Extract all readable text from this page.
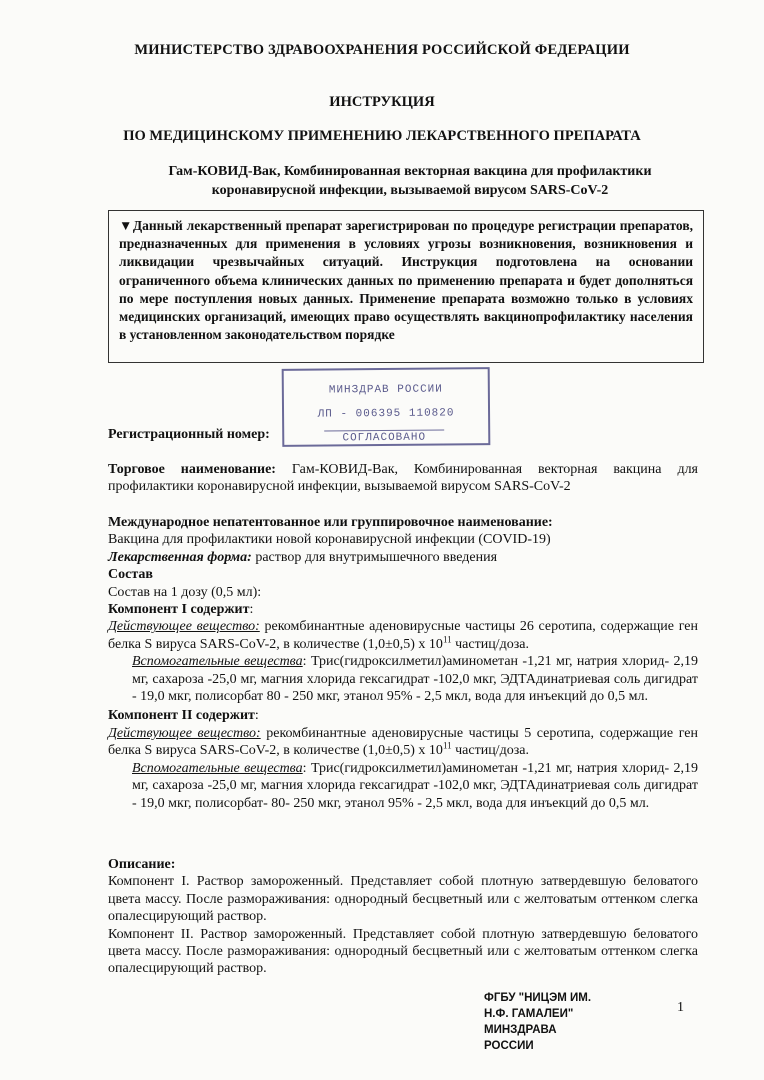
МИНИСТЕРСТВО ЗДРАВООХРАНЕНИЯ РОССИЙСКОЙ ФЕДЕРАЦИИ
ИНСТРУКЦИЯ
ПО МЕДИЦИНСКОМУ ПРИМЕНЕНИЮ ЛЕКАРСТВЕННОГО ПРЕПАРАТА
Гам-КОВИД-Вак, Комбинированная векторная вакцина для профилактики
коронавирусной инфекции, вызываемой вирусом SARS-CoV-2
▼Данный лекарственный препарат зарегистрирован по процедуре регистрации препаратов, предназначенных для применения в условиях угрозы возникновения, возникновения и ликвидации чрезвычайных ситуаций. Инструкция подготовлена на основании ограниченного объема клинических данных по применению препарата и будет дополняться по мере поступления новых данных. Применение препарата возможно только в условиях медицинских организаций, имеющих право осуществлять вакцинопрофилактику населения в установленном законодательством порядке
МИНЗДРАВ РОССИИ
ЛП - 006395 110820
СОГЛАСОВАНО
Регистрационный номер:
Торговое наименование: Гам-КОВИД-Вак, Комбинированная векторная вакцина для профилактики коронавирусной инфекции, вызываемой вирусом SARS-CoV-2
Международное непатентованное или группировочное наименование:
Вакцина для профилактики новой коронавирусной инфекции (COVID-19)
Лекарственная форма: раствор для внутримышечного введения
Состав
Состав на 1 дозу (0,5 мл):
Компонент I содержит:
Действующее вещество: рекомбинантные аденовирусные частицы 26 серотипа, содержащие ген белка S вируса SARS-CoV-2, в количестве (1,0±0,5) х $10^{11}$ частиц/доза.
Вспомогательные вещества: Трис(гидроксилметил)аминометан -1,21 мг, натрия хлорид- 2,19 мг, сахароза -25,0 мг, магния хлорида гексагидрат -102,0 мкг, ЭДТАдинатриевая соль дигидрат - 19,0 мкг, полисорбат 80 - 250 мкг, этанол 95% - 2,5 мкл, вода для инъекций до 0,5 мл.
Компонент II содержит:
Действующее вещество: рекомбинантные аденовирусные частицы 5 серотипа, содержащие ген белка S вируса SARS-CoV-2, в количестве (1,0±0,5) х $10^{11}$ частиц/доза.
Вспомогательные вещества: Трис(гидроксилметил)аминометан -1,21 мг, натрия хлорид- 2,19 мг, сахароза -25,0 мг, магния хлорида гексагидрат -102,0 мкг, ЭДТАдинатриевая соль дигидрат - 19,0 мкг, полисорбат- 80- 250 мкг, этанол 95% - 2,5 мкл, вода для инъекций до 0,5 мл.
Описание:
Компонент I. Раствор замороженный. Представляет собой плотную затвердевшую беловатого цвета массу. После размораживания: однородный бесцветный или с желтоватым оттенком слегка опалесцирующий раствор.
Компонент II. Раствор замороженный. Представляет собой плотную затвердевшую беловатого цвета массу. После размораживания: однородный бесцветный или с желтоватым оттенком слегка опалесцирующий раствор.
ФГБУ "НИЦЭМ ИМ.
Н.Ф. ГАМАЛЕИ"
МИНЗДРАВА
РОССИИ
1
